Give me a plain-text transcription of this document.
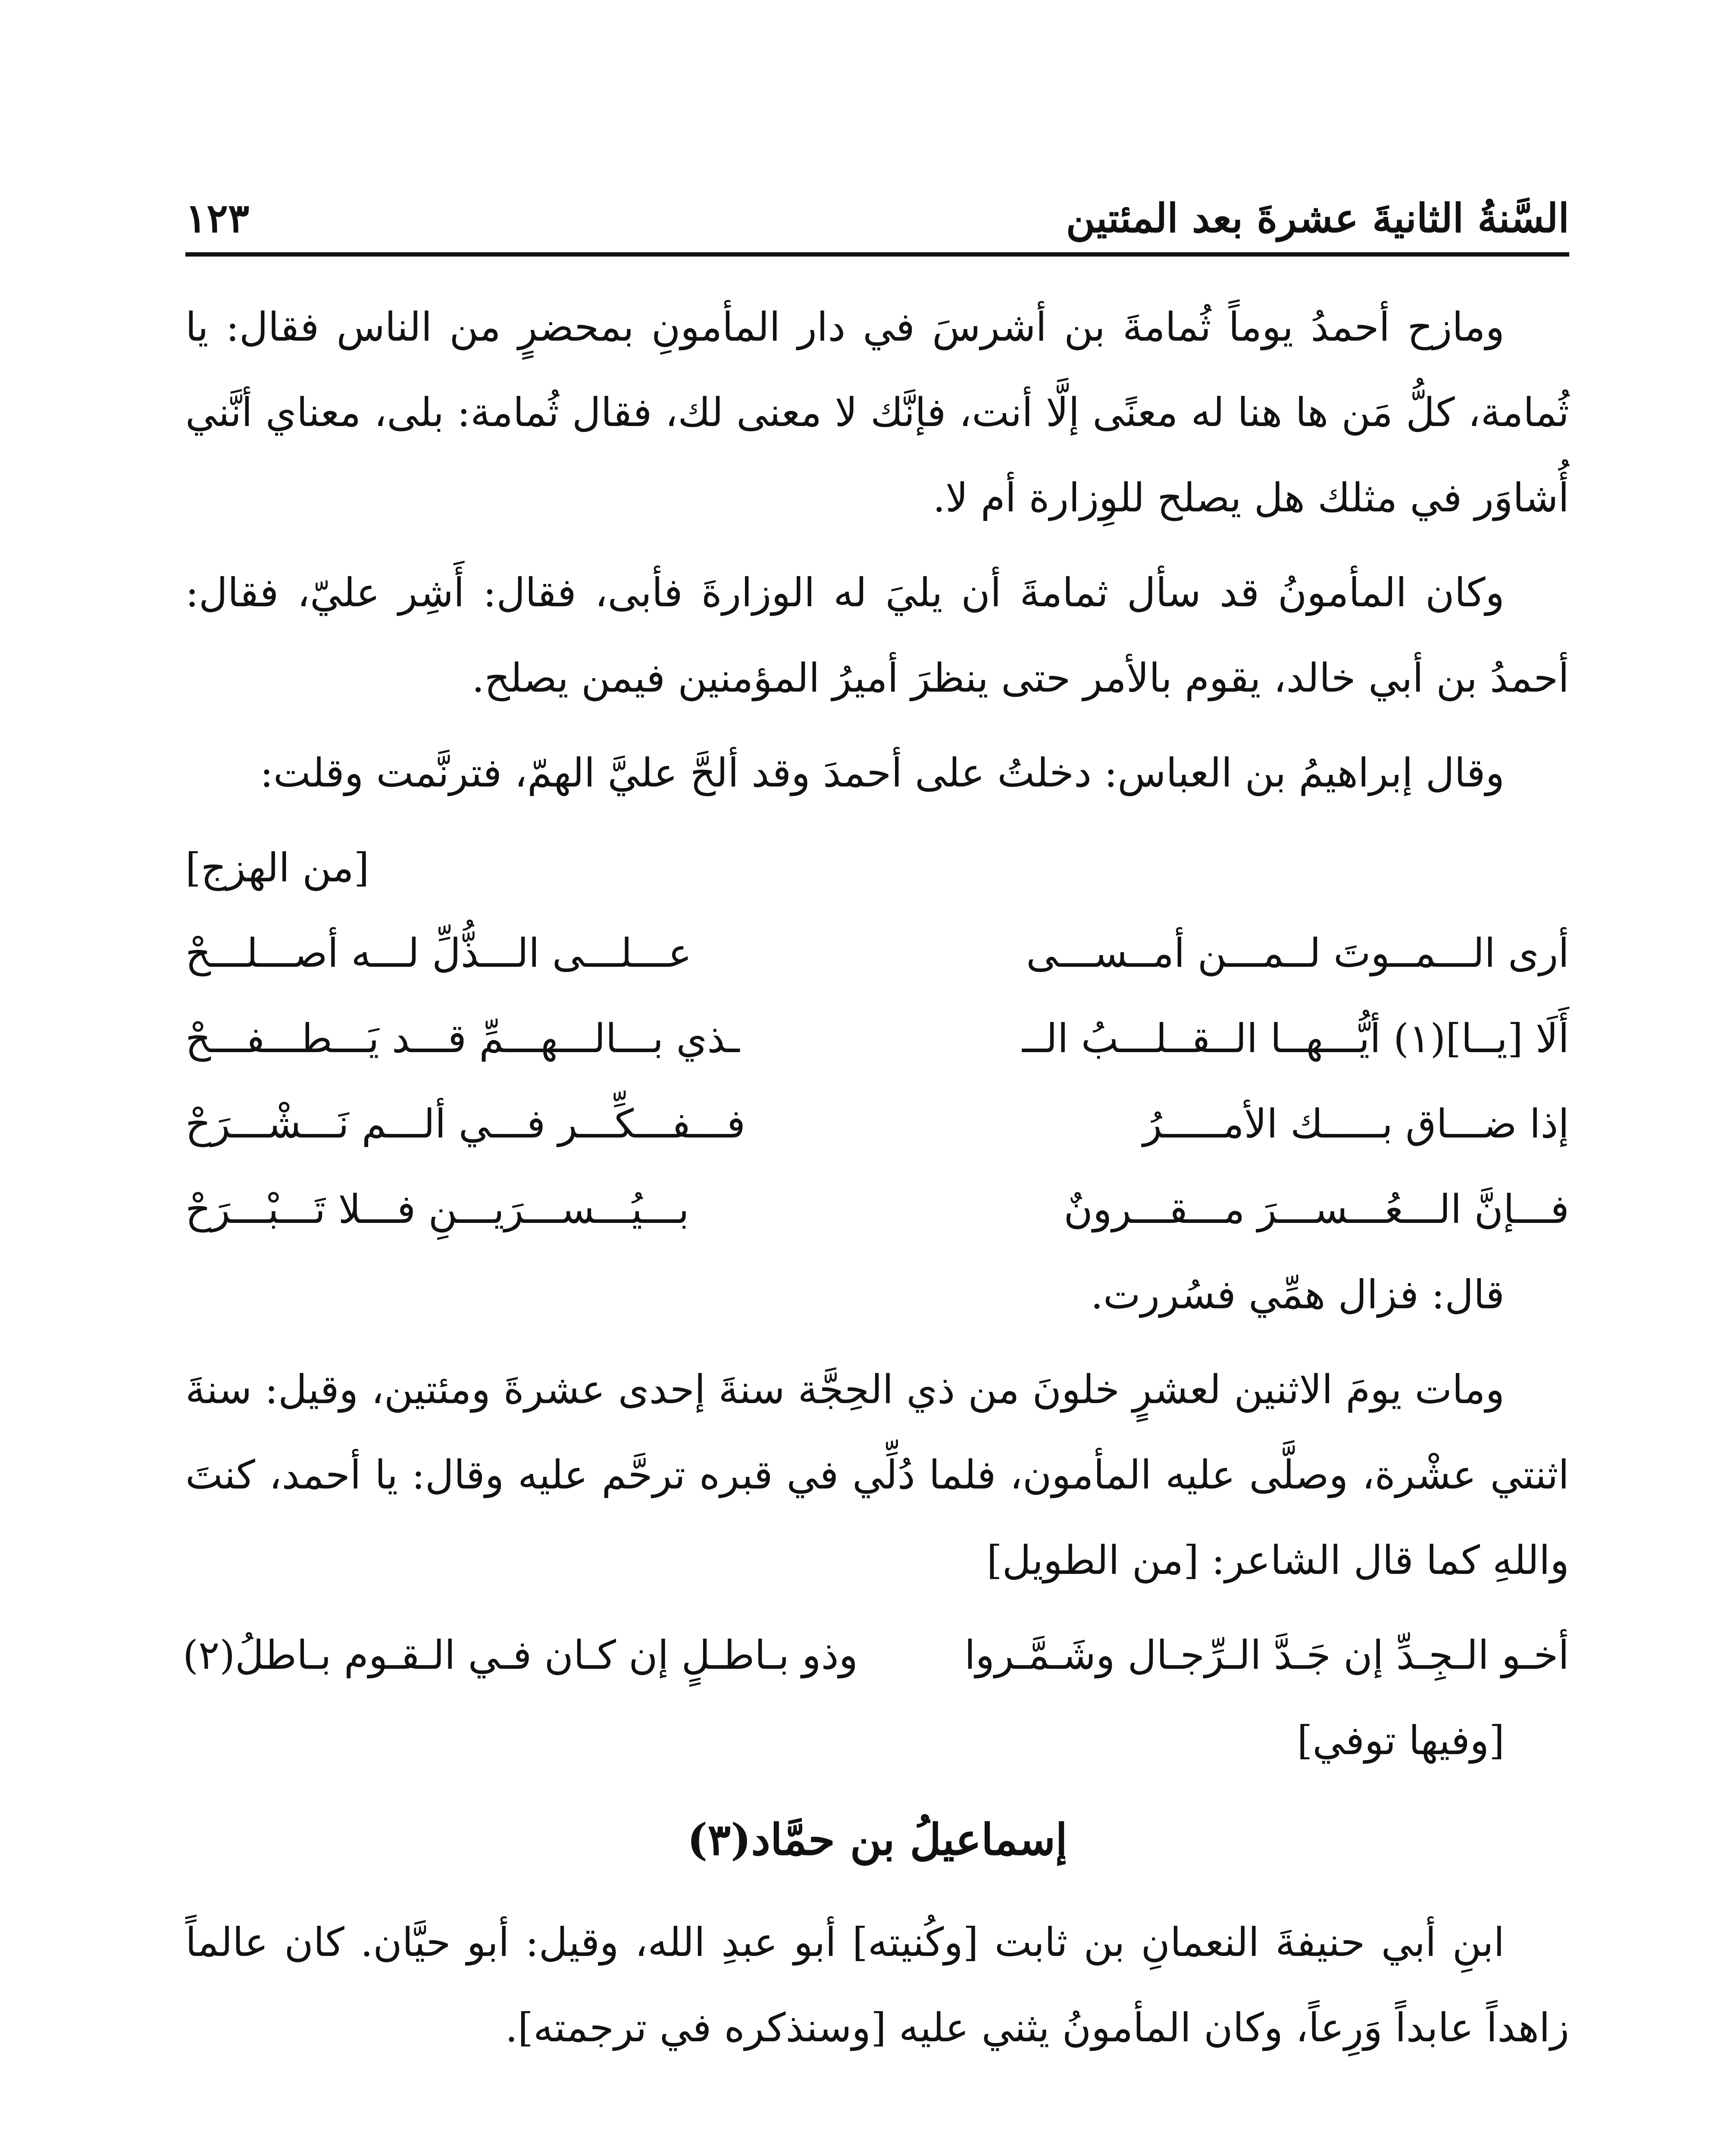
السَّنةُ الثانيةَ عشرةَ بعد المئتين
١٢٣

ومازح أحمدُ يوماً ثُمامةَ بن أشرسَ في دار المأمونِ بمحضرٍ من الناس فقال: يا ثُمامة، كلُّ مَن ها هنا له معنًى إلَّا أنت، فإنَّك لا معنى لك، فقال ثُمامة: بلى، معناي أنَّني أُشاوَر في مثلك هل يصلح للوِزارة أم لا.

وكان المأمونُ قد سأل ثمامةَ أن يليَ له الوزارةَ فأبى، فقال: أَشِر عليّ، فقال: أحمدُ بن أبي خالد، يقوم بالأمر حتى ينظرَ أميرُ المؤمنين فيمن يصلح.

وقال إبراهيمُ بن العباس: دخلتُ على أحمدَ وقد ألحَّ عليَّ الهمّ، فترنَّمت وقلت:

[من الهزج]

أرى الـــمــوتَ لــمـــن أمــســـى
عـــلـــى الـــذُّلِّ لـــه أصـــلـــحْ
أَلَا [يــا](١) أيُّـــهــا الــقــلـــبُ الــ
ـذي بـــالـــهـــمِّ قـــد يَـــطـــفـــحْ
إذا ضـــاق بـــــك الأمـــــرُ
فـــفـــكِّـــر فـــي ألـــم نَـــشْـــرَحْ
فـــإنَّ الـــعُـــســـرَ مـــقـــرونٌ
بـــيُـــســـرَيـــنِ فـــلا تَـــبْـــرَحْ

قال: فزال همِّي فسُررت.

ومات يومَ الاثنين لعشرٍ خلونَ من ذي الحِجَّة سنةَ إحدى عشرةَ ومئتين، وقيل: سنةَ اثنتي عشْرة، وصلَّى عليه المأمون، فلما دُلِّي في قبره ترحَّم عليه وقال: يا أحمد، كنتَ واللهِ كما قال الشاعر: [من الطويل]

أخـو الـجِـدِّ إن جَـدَّ الـرِّجـال وشَـمَّـروا
وذو بـاطـلٍ إن كـان فـي الـقـوم بـاطلُ(٢)

[وفيها توفي]

إسماعيلُ بن حمَّاد(٣)

ابنِ أبي حنيفةَ النعمانِ بن ثابت [وكُنيته] أبو عبدِ الله، وقيل: أبو حيَّان. كان عالماً زاهداً عابداً وَرِعاً، وكان المأمونُ يثني عليه [وسنذكره في ترجمته].
